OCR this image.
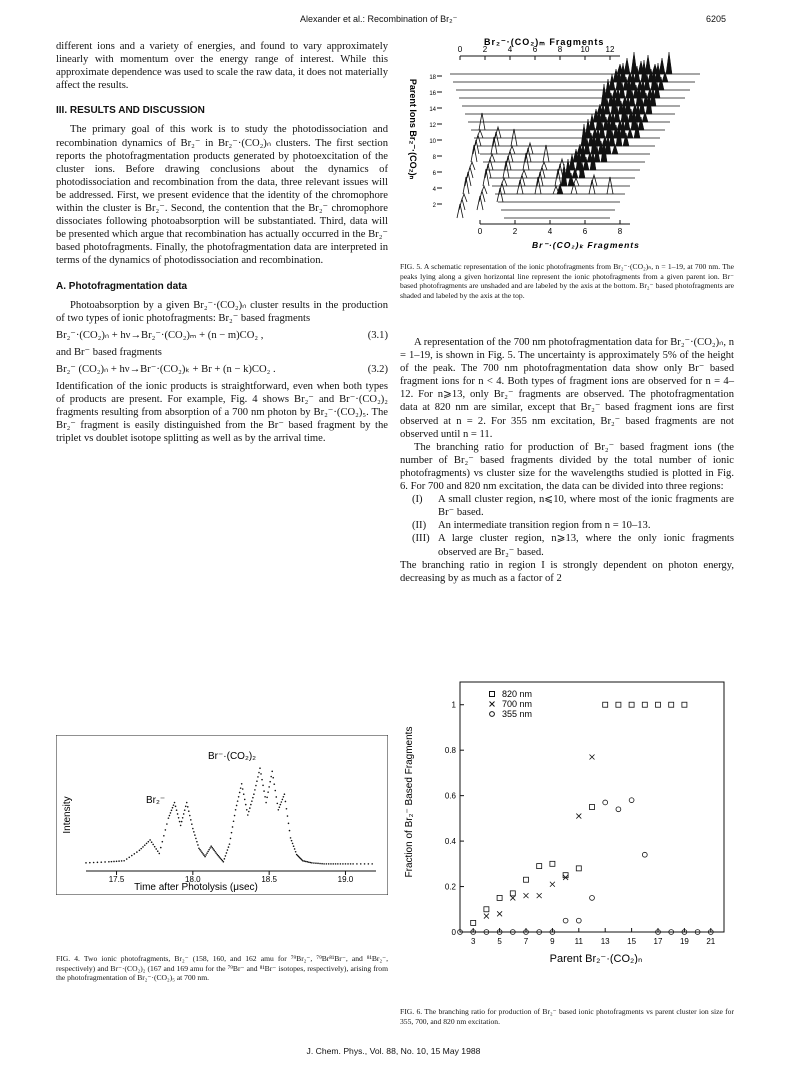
Alexander et al.: Recombination of Br₂⁻	6205

different ions and a variety of energies, and found to vary approximately linearly with momentum over the energy range of interest. While this approximate dependence was used to scale the raw data, it does not materially affect the results.

III. RESULTS AND DISCUSSION

The primary goal of this work is to study the photodissociation and recombination dynamics of Br₂⁻ in Br₂⁻·(CO₂)ₙ clusters. The first section reports the photofragmentation products generated by photoexcitation of the cluster ions. Before drawing conclusions about the dynamics of photodissociation and recombination from the data, three relevant issues will be addressed. First, we present evidence that the identity of the chromophore within the cluster is Br₂⁻. Second, the contention that the Br₂⁻ chromophore dissociates following photoabsorption will be substantiated. Third, data will be presented which argue that recombination has actually occurred in the Br₂⁻ based photofragments. Finally, the photofragmentation data are interpreted in terms of the dynamics of photodissociation and recombination.

A. Photofragmentation data

Photoabsorption by a given Br₂⁻·(CO₂)ₙ cluster results in the production of two types of ionic photofragments: Br₂⁻ based fragments

Br₂⁻·(CO₂)ₙ + hν→Br₂⁻·(CO₂)ₘ + (n − m)CO₂ ,	(3.1)

and Br⁻ based fragments

Br₂⁻ (CO₂)ₙ + hν→Br⁻·(CO₂)ₖ + Br + (n − k)CO₂ .	(3.2)

Identification of the ionic products is straightforward, even when both types of products are present. For example, Fig. 4 shows Br₂⁻ and Br⁻·(CO₂)₂ fragments resulting from absorption of a 700 nm photon by Br₂⁻·(CO₂)₅. The Br₂⁻ fragment is easily distinguished from the Br⁻ based fragment by the triplet vs doublet isotope splitting as well as by the arrival time.

A representation of the 700 nm photofragmentation data for Br₂⁻·(CO₂)ₙ, n = 1–19, is shown in Fig. 5. The uncertainty is approximately 5% of the height of the peak. The 700 nm photofragmentation data show only Br⁻ based fragment ions for n < 4. Both types of fragment ions are observed for n = 4–12. For n⩾13, only Br₂⁻ fragments are observed. The photofragmentation data at 820 nm are similar, except that Br₂⁻ based fragment ions are first observed at n = 2. For 355 nm excitation, Br₂⁻ based fragments are not observed until n = 11.

The branching ratio for production of Br₂⁻ based fragment ions (the number of Br₂⁻ based fragments divided by the total number of ionic photofragments) vs cluster size for the wavelengths studied is plotted in Fig. 6. For 700 and 820 nm excitation, the data can be divided into three regions:

(I)	A small cluster region, n⩽10, where most of the ionic fragments are Br⁻ based.
(II)	An intermediate transition region from n = 10–13.
(III) A large cluster region, n⩾13, where the only ionic fragments observed are Br₂⁻ based.

The branching ratio in region I is strongly dependent on photon energy, decreasing by as much as a factor of 2

Br₂⁻·(CO₂)ₘ Fragments
0	2	4	6	8 10 12
18
16
14
12
10
8
6
4
2
0	2	4	6	8
Br⁻·(CO₂)ₖ Fragments
Parent Ions Br₂⁻·(CO₂)ₙ
FIG. 5. A schematic representation of the ionic photofragments from Br₂⁻·(CO₂)ₙ, n = 1–19, at 700 nm. The peaks lying along a given horizontal line represent the ionic photofragments from a given parent ion. Br⁻ based photofragments are unshaded and are labeled by the axis at the bottom. Br₂⁻ based photofragments are shaded and labeled by the axis at the top.
Intensity
Br⁻·(CO₂)₂
Br₂⁻
17.5	18.0	18.5	19.0
Time after Photolysis (μsec)
FIG. 4. Two ionic photofragments, Br₂⁻ (158, 160, and 162 amu for ⁷⁹Br₂⁻, ⁷⁹Br⁸¹Br⁻, and ⁸¹Br₂⁻, respectively) and Br⁻·(CO₂)₂ (167 and 169 amu for the ⁷⁹Br⁻ and ⁸¹Br⁻ isotopes, respectively), arising from the photofragmentation of Br₂⁻·(CO₂)₅ at 700 nm.
Fraction of Br₂⁻ Based Fragments
3	5	7	9	11 13 15 17 19 21
0
0.2
0.4
0.6
0.8
1
820 nm
700 nm
355 nm
Parent Br₂⁻·(CO₂)ₙ
FIG. 6. The branching ratio for production of Br₂⁻ based ionic photofragments vs parent cluster ion size for 355, 700, and 820 nm excitation.
J. Chem. Phys., Vol. 88, No. 10, 15 May 1988
